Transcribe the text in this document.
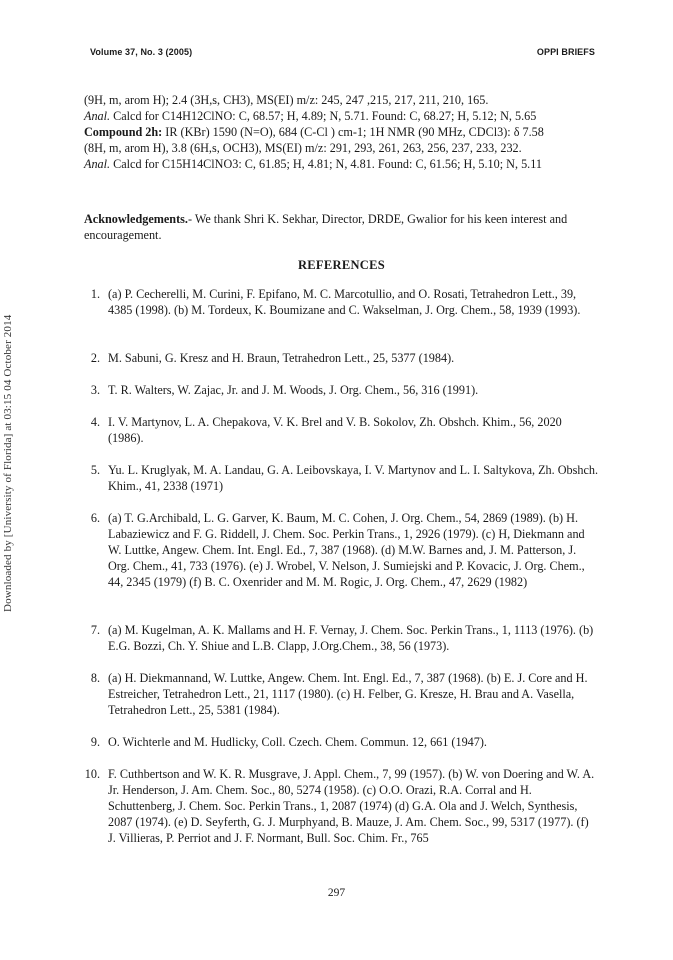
Volume 37, No. 3 (2005)	OPPI BRIEFS
Downloaded by [University of Florida] at 03:15 04 October 2014

(9H, m, arom H); 2.4 (3H,s, CH3), MS(EI) m/z: 245, 247 ,215, 217, 211, 210, 165.

Anal. Calcd for C14H12ClNO: C, 68.57; H, 4.89; N, 5.71. Found: C, 68.27; H, 5.12; N, 5.65

Compound 2h: IR (KBr) 1590 (N=O), 684 (C-Cl ) cm-1; 1H NMR (90 MHz, CDCl3): δ 7.58

(8H, m, arom H), 3.8 (6H,s, OCH3), MS(EI) m/z: 291, 293, 261, 263, 256, 237, 233, 232.

Anal. Calcd for C15H14ClNO3: C, 61.85; H, 4.81; N, 4.81. Found: C, 61.56; H, 5.10; N, 5.11

Acknowledgements.- We thank Shri K. Sekhar, Director, DRDE, Gwalior for his keen interest and encouragement.

REFERENCES
1. (a) P. Cecherelli, M. Curini, F. Epifano, M. C. Marcotullio, and O. Rosati, Tetrahedron Lett., 39, 4385 (1998). (b) M. Tordeux, K. Boumizane and C. Wakselman, J. Org. Chem., 58, 1939 (1993).
2. M. Sabuni, G. Kresz and H. Braun, Tetrahedron Lett., 25, 5377 (1984).
3. T. R. Walters, W. Zajac, Jr. and J. M. Woods, J. Org. Chem., 56, 316 (1991).
4. I. V. Martynov, L. A. Chepakova, V. K. Brel and V. B. Sokolov, Zh. Obshch. Khim., 56, 2020 (1986).
5. Yu. L. Kruglyak, M. A. Landau, G. A. Leibovskaya, I. V. Martynov and L. I. Saltykova, Zh. Obshch. Khim., 41, 2338 (1971)
6. (a) T. G.Archibald, L. G. Garver, K. Baum, M. C. Cohen, J. Org. Chem., 54, 2869 (1989). (b) H. Labaziewicz and F. G. Riddell, J. Chem. Soc. Perkin Trans., 1, 2926 (1979). (c) H, Diekmann and W. Luttke, Angew. Chem. Int. Engl. Ed., 7, 387 (1968). (d) M.W. Barnes and, J. M. Patterson, J. Org. Chem., 41, 733 (1976). (e) J. Wrobel, V. Nelson, J. Sumiejski and P. Kovacic, J. Org. Chem., 44, 2345 (1979) (f) B. C. Oxenrider and M. M. Rogic, J. Org. Chem., 47, 2629 (1982)
7. (a) M. Kugelman, A. K. Mallams and H. F. Vernay, J. Chem. Soc. Perkin Trans., 1, 1113 (1976). (b) E.G. Bozzi, Ch. Y. Shiue and L.B. Clapp, J.Org.Chem., 38, 56 (1973).
8. (a) H. Diekmannand, W. Luttke, Angew. Chem. Int. Engl. Ed., 7, 387 (1968). (b) E. J. Core and H. Estreicher, Tetrahedron Lett., 21, 1117 (1980). (c) H. Felber, G. Kresze, H. Brau and A. Vasella, Tetrahedron Lett., 25, 5381 (1984).
9. O. Wichterle and M. Hudlicky, Coll. Czech. Chem. Commun. 12, 661 (1947).
10. F. Cuthbertson and W. K. R. Musgrave, J. Appl. Chem., 7, 99 (1957). (b) W. von Doering and W. A. Jr. Henderson, J. Am. Chem. Soc., 80, 5274 (1958). (c) O.O. Orazi, R.A. Corral and H. Schuttenberg, J. Chem. Soc. Perkin Trans., 1, 2087 (1974) (d) G.A. Ola and J. Welch, Synthesis, 2087 (1974). (e) D. Seyferth, G. J. Murphyand, B. Mauze, J. Am. Chem. Soc., 99, 5317 (1977). (f) J. Villieras, P. Perriot and J. F. Normant, Bull. Soc. Chim. Fr., 765
297
